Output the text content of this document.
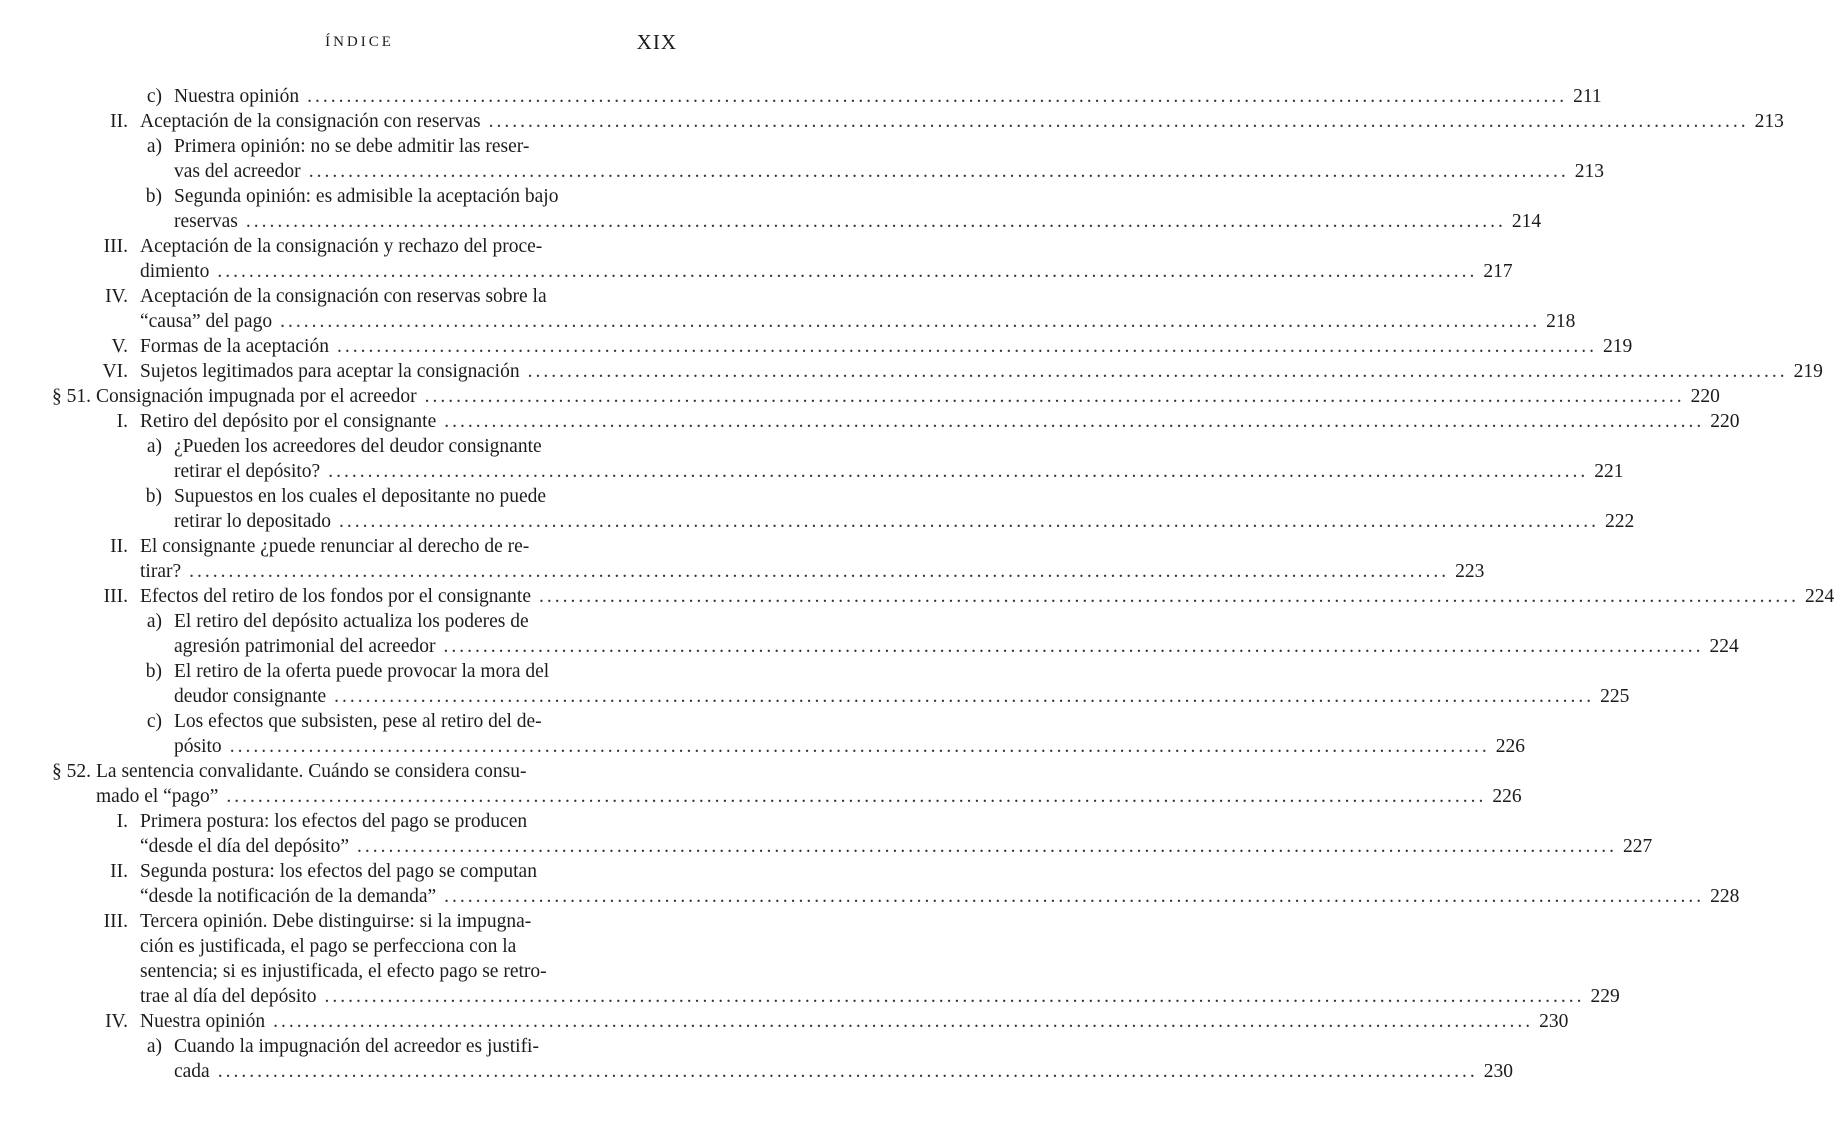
ÍNDICE	XIX
c) Nuestra opinión ................................................................................................................................................................ 211
II. Aceptación de la consignación con reservas ................................................................................................................................................................ 213
a) Primera opinión: no se debe admitir las reser-
vas del acreedor ................................................................................................................................................................ 213
b) Segunda opinión: es admisible la aceptación bajo
reservas ................................................................................................................................................................ 214
III. Aceptación de la consignación y rechazo del proce-
dimiento ................................................................................................................................................................ 217
IV. Aceptación de la consignación con reservas sobre la
“causa” del pago ................................................................................................................................................................ 218
V. Formas de la aceptación ................................................................................................................................................................ 219
VI. Sujetos legitimados para aceptar la consignación ................................................................................................................................................................ 219
§ 51. Consignación impugnada por el acreedor ................................................................................................................................................................ 220
I. Retiro del depósito por el consignante ................................................................................................................................................................ 220
a) ¿Pueden los acreedores del deudor consignante
retirar el depósito? ................................................................................................................................................................ 221
b) Supuestos en los cuales el depositante no puede
retirar lo depositado ................................................................................................................................................................ 222
II. El consignante ¿puede renunciar al derecho de re-
tirar? ................................................................................................................................................................ 223
III. Efectos del retiro de los fondos por el consignante ................................................................................................................................................................ 224
a) El retiro del depósito actualiza los poderes de
agresión patrimonial del acreedor ................................................................................................................................................................ 224
b) El retiro de la oferta puede provocar la mora del
deudor consignante ................................................................................................................................................................ 225
c) Los efectos que subsisten, pese al retiro del de-
pósito ................................................................................................................................................................ 226
§ 52. La sentencia convalidante. Cuándo se considera consu-
mado el “pago” ................................................................................................................................................................ 226
I. Primera postura: los efectos del pago se producen
“desde el día del depósito” ................................................................................................................................................................ 227
II. Segunda postura: los efectos del pago se computan
“desde la notificación de la demanda” ................................................................................................................................................................ 228
III. Tercera opinión. Debe distinguirse: si la impugna-
ción es justificada, el pago se perfecciona con la
sentencia; si es injustificada, el efecto pago se retro-
trae al día del depósito ................................................................................................................................................................ 229
IV. Nuestra opinión ................................................................................................................................................................ 230
a) Cuando la impugnación del acreedor es justifi-
cada ................................................................................................................................................................ 230
